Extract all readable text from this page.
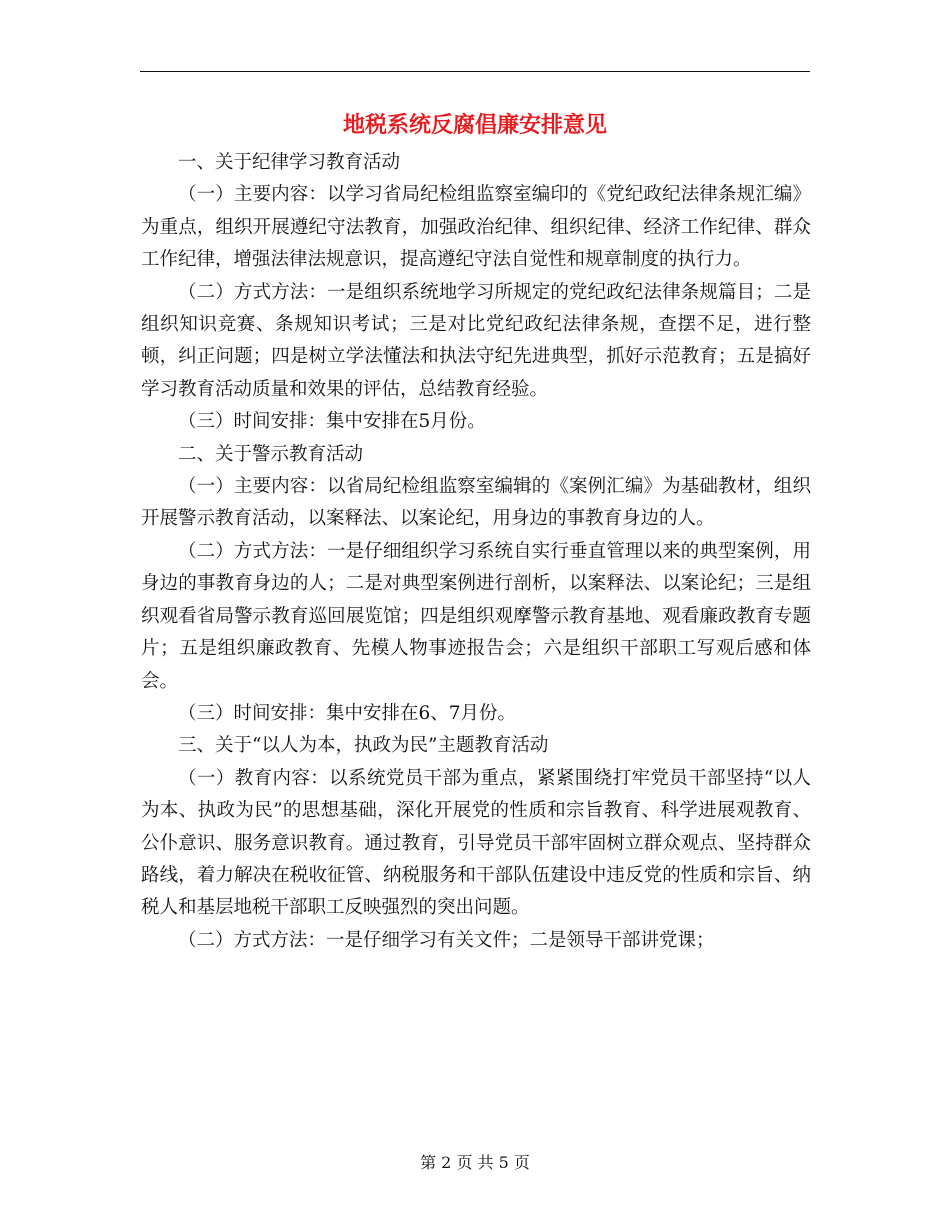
地税系统反腐倡廉安排意见

一、关于纪律学习教育活动

（一）主要内容：以学习省局纪检组监察室编印的《党纪政纪法律条规汇编》为重点，组织开展遵纪守法教育，加强政治纪律、组织纪律、经济工作纪律、群众工作纪律，增强法律法规意识，提高遵纪守法自觉性和规章制度的执行力。

（二）方式方法：一是组织系统地学习所规定的党纪政纪法律条规篇目；二是组织知识竞赛、条规知识考试；三是对比党纪政纪法律条规，查摆不足，进行整顿，纠正问题；四是树立学法懂法和执法守纪先进典型，抓好示范教育；五是搞好学习教育活动质量和效果的评估，总结教育经验。

（三）时间安排：集中安排在5月份。

二、关于警示教育活动

（一）主要内容：以省局纪检组监察室编辑的《案例汇编》为基础教材，组织开展警示教育活动，以案释法、以案论纪，用身边的事教育身边的人。

（二）方式方法：一是仔细组织学习系统自实行垂直管理以来的典型案例，用身边的事教育身边的人；二是对典型案例进行剖析，以案释法、以案论纪；三是组织观看省局警示教育巡回展览馆；四是组织观摩警示教育基地、观看廉政教育专题片；五是组织廉政教育、先模人物事迹报告会；六是组织干部职工写观后感和体会。

（三）时间安排：集中安排在6、7月份。

三、关于“以人为本，执政为民”主题教育活动

（一）教育内容：以系统党员干部为重点，紧紧围绕打牢党员干部坚持“以人为本、执政为民”的思想基础，深化开展党的性质和宗旨教育、科学进展观教育、公仆意识、服务意识教育。通过教育，引导党员干部牢固树立群众观点、坚持群众路线，着力解决在税收征管、纳税服务和干部队伍建设中违反党的性质和宗旨、纳税人和基层地税干部职工反映强烈的突出问题。

（二）方式方法：一是仔细学习有关文件；二是领导干部讲党课；

第 2 页 共 5 页
